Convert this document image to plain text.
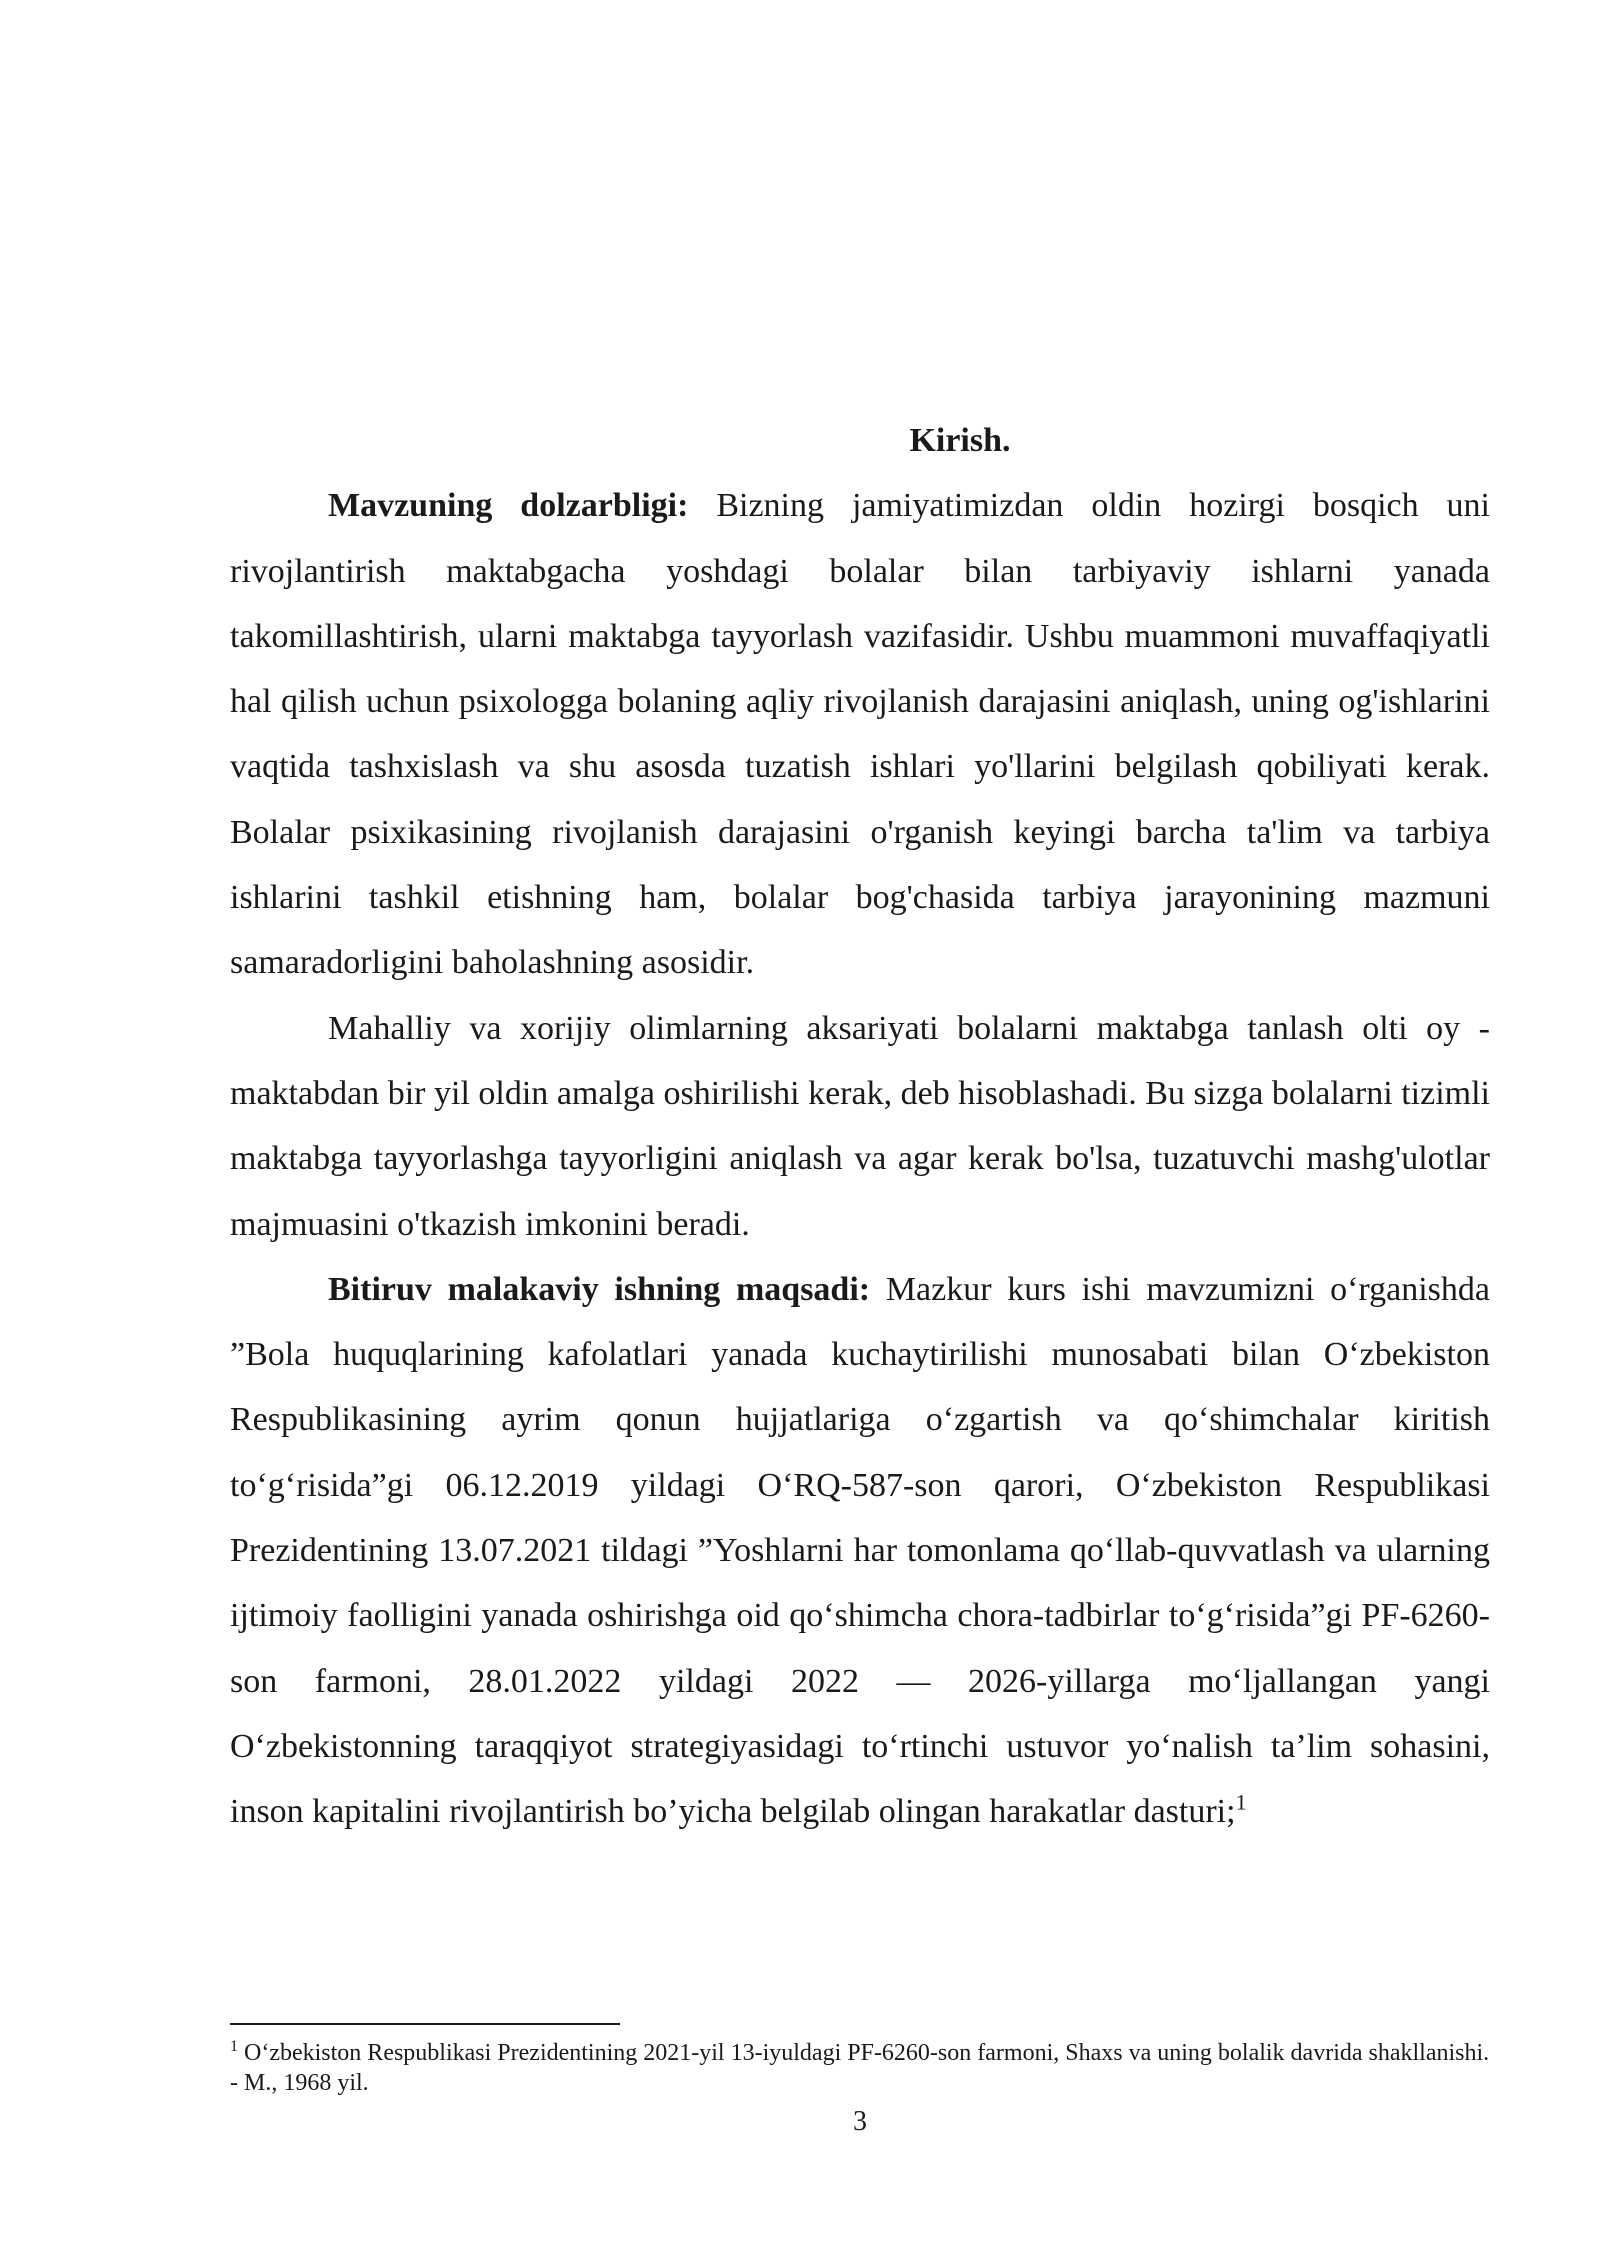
Kirish.

Mavzuning dolzarbligi: Bizning jamiyatimizdan oldin hozirgi bosqich uni rivojlantirish maktabgacha yoshdagi bolalar bilan tarbiyaviy ishlarni yanada takomillashtirish, ularni maktabga tayyorlash vazifasidir. Ushbu muammoni muvaffaqiyatli hal qilish uchun psixologga bolaning aqliy rivojlanish darajasini aniqlash, uning og'ishlarini vaqtida tashxislash va shu asosda tuzatish ishlari yo'llarini belgilash qobiliyati kerak. Bolalar psixikasining rivojlanish darajasini o'rganish keyingi barcha ta'lim va tarbiya ishlarini tashkil etishning ham, bolalar bog'chasida tarbiya jarayonining mazmuni samaradorligini baholashning asosidir.

Mahalliy va xorijiy olimlarning aksariyati bolalarni maktabga tanlash olti oy - maktabdan bir yil oldin amalga oshirilishi kerak, deb hisoblashadi. Bu sizga bolalarni tizimli maktabga tayyorlashga tayyorligini aniqlash va agar kerak bo'lsa, tuzatuvchi mashg'ulotlar majmuasini o'tkazish imkonini beradi.

Bitiruv malakaviy ishning maqsadi: Mazkur kurs ishi mavzumizni o‘rganishda ”Bola huquqlarining kafolatlari yanada kuchaytirilishi munosabati bilan O‘zbekiston Respublikasining ayrim qonun hujjatlariga o‘zgartish va qo‘shimchalar kiritish to‘g‘risida”gi 06.12.2019 yildagi O‘RQ-587-son qarori, O‘zbekiston Respublikasi Prezidentining 13.07.2021 tildagi ”Yoshlarni har tomonlama qo‘llab-quvvatlash va ularning ijtimoiy faolligini yanada oshirishga oid qo‘shimcha chora-tadbirlar to‘g‘risida”gi PF-6260-son farmoni, 28.01.2022 yildagi 2022 — 2026-yillarga mo‘ljallangan yangi O‘zbekistonning taraqqiyot strategiyasidagi to‘rtinchi ustuvor yo‘nalish ta’lim sohasini, inson kapitalini rivojlantirish bo’yicha belgilab olingan harakatlar dasturi;$^1$

$^1$ O‘zbekiston Respublikasi Prezidentining 2021-yil 13-iyuldagi PF-6260-son farmoni, Shaxs va uning bolalik davrida shakllanishi. - M., 1968 yil.

3
